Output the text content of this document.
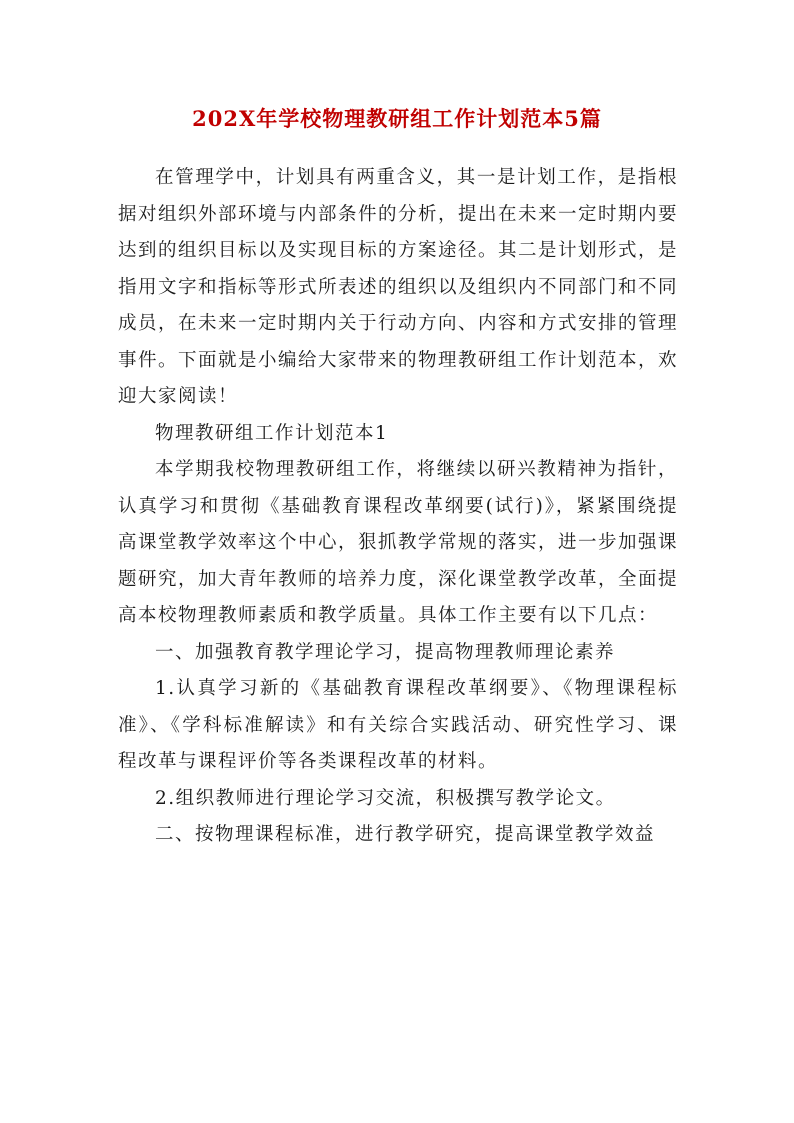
202X年学校物理教研组工作计划范本5篇

在管理学中，计划具有两重含义，其一是计划工作，是指根据对组织外部环境与内部条件的分析，提出在未来一定时期内要达到的组织目标以及实现目标的方案途径。其二是计划形式，是指用文字和指标等形式所表述的组织以及组织内不同部门和不同成员，在未来一定时期内关于行动方向、内容和方式安排的管理事件。下面就是小编给大家带来的物理教研组工作计划范本，欢迎大家阅读！

物理教研组工作计划范本1

本学期我校物理教研组工作，将继续以研兴教精神为指针，认真学习和贯彻《基础教育课程改革纲要(试行)》，紧紧围绕提高课堂教学效率这个中心，狠抓教学常规的落实，进一步加强课题研究，加大青年教师的培养力度，深化课堂教学改革，全面提高本校物理教师素质和教学质量。具体工作主要有以下几点：

一、加强教育教学理论学习，提高物理教师理论素养

1.认真学习新的《基础教育课程改革纲要》、《物理课程标准》、《学科标准解读》和有关综合实践活动、研究性学习、课程改革与课程评价等各类课程改革的材料。

2.组织教师进行理论学习交流，积极撰写教学论文。

二、按物理课程标准，进行教学研究，提高课堂教学效益
